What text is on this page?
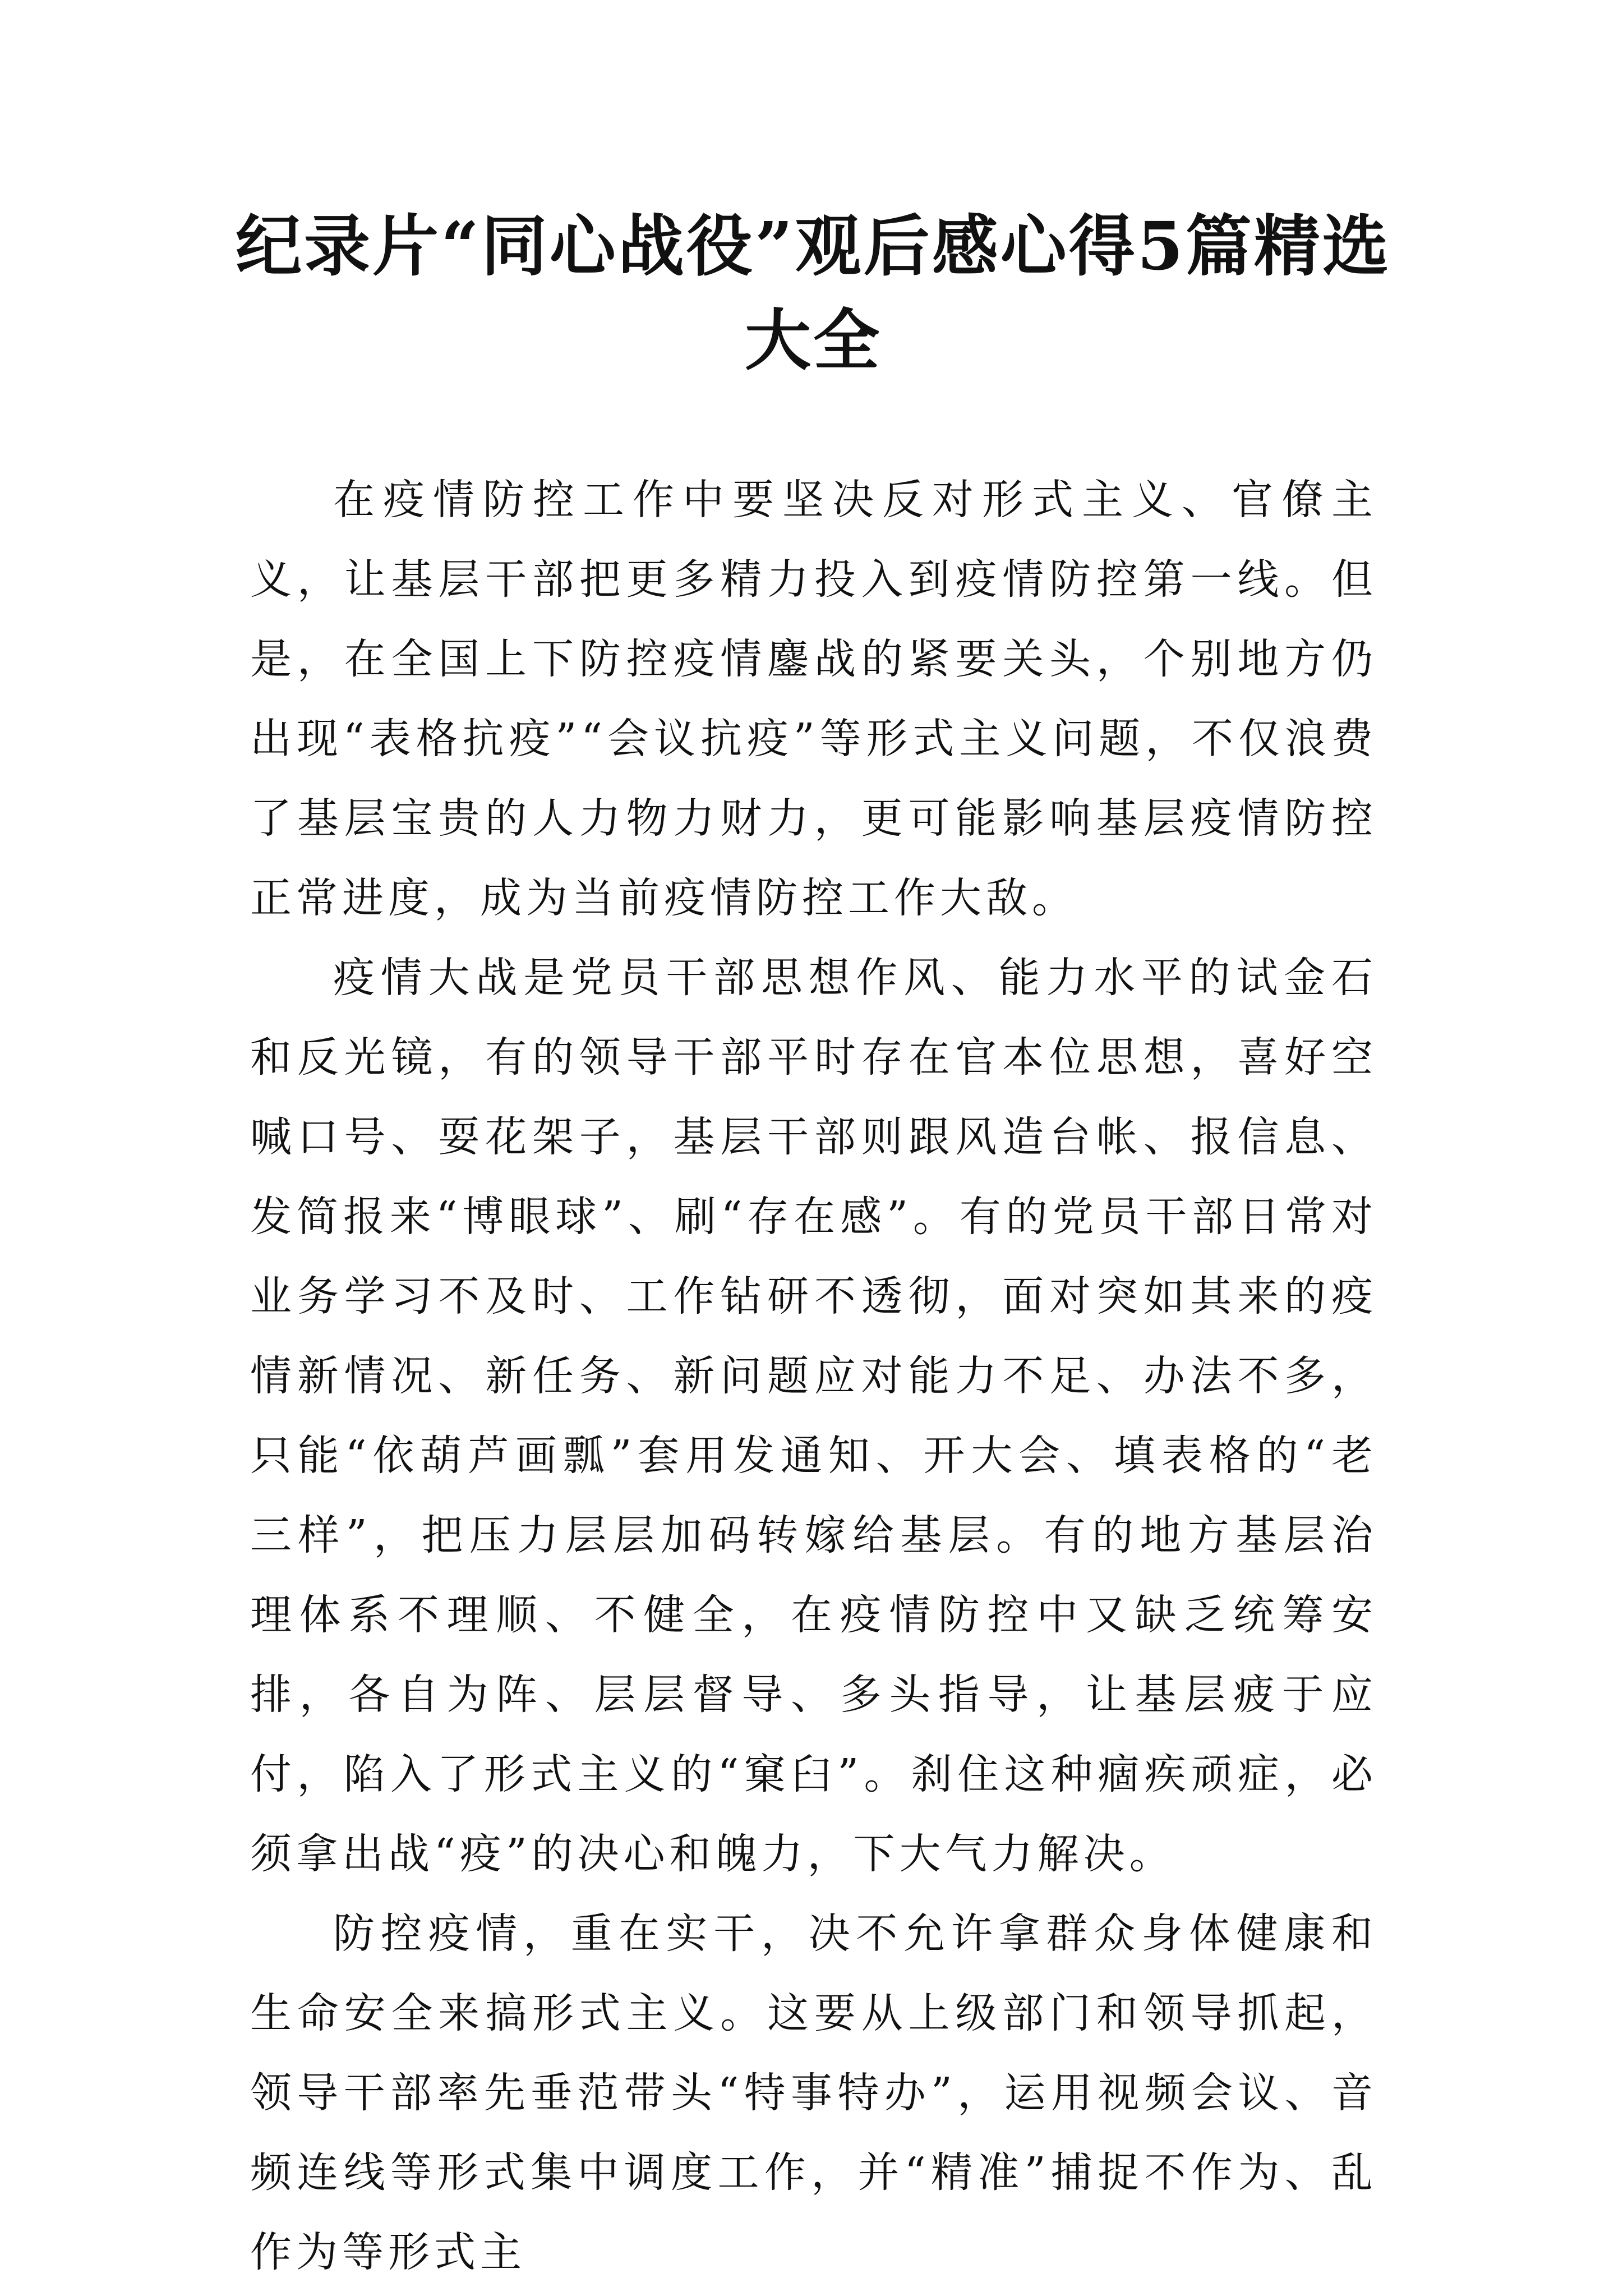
纪录片“同心战役”观后感心得5篇精选大全

在疫情防控工作中要坚决反对形式主义、官僚主义，让基层干部把更多精力投入到疫情防控第一线。但是，在全国上下防控疫情鏖战的紧要关头，个别地方仍出现“表格抗疫”“会议抗疫”等形式主义问题，不仅浪费了基层宝贵的人力物力财力，更可能影响基层疫情防控正常进度，成为当前疫情防控工作大敌。

疫情大战是党员干部思想作风、能力水平的试金石和反光镜，有的领导干部平时存在官本位思想，喜好空喊口号、耍花架子，基层干部则跟风造台帐、报信息、发简报来“博眼球”、刷“存在感”。有的党员干部日常对业务学习不及时、工作钻研不透彻，面对突如其来的疫情新情况、新任务、新问题应对能力不足、办法不多，只能“依葫芦画瓢”套用发通知、开大会、填表格的“老三样”，把压力层层加码转嫁给基层。有的地方基层治理体系不理顺、不健全，在疫情防控中又缺乏统筹安排，各自为阵、层层督导、多头指导，让基层疲于应付，陷入了形式主义的“窠臼”。刹住这种痼疾顽症，必须拿出战“疫”的决心和魄力，下大气力解决。

防控疫情，重在实干，决不允许拿群众身体健康和生命安全来搞形式主义。这要从上级部门和领导抓起，领导干部率先垂范带头“特事特办”，运用视频会议、音频连线等形式集中调度工作，并“精准”捕捉不作为、乱作为等形式主
